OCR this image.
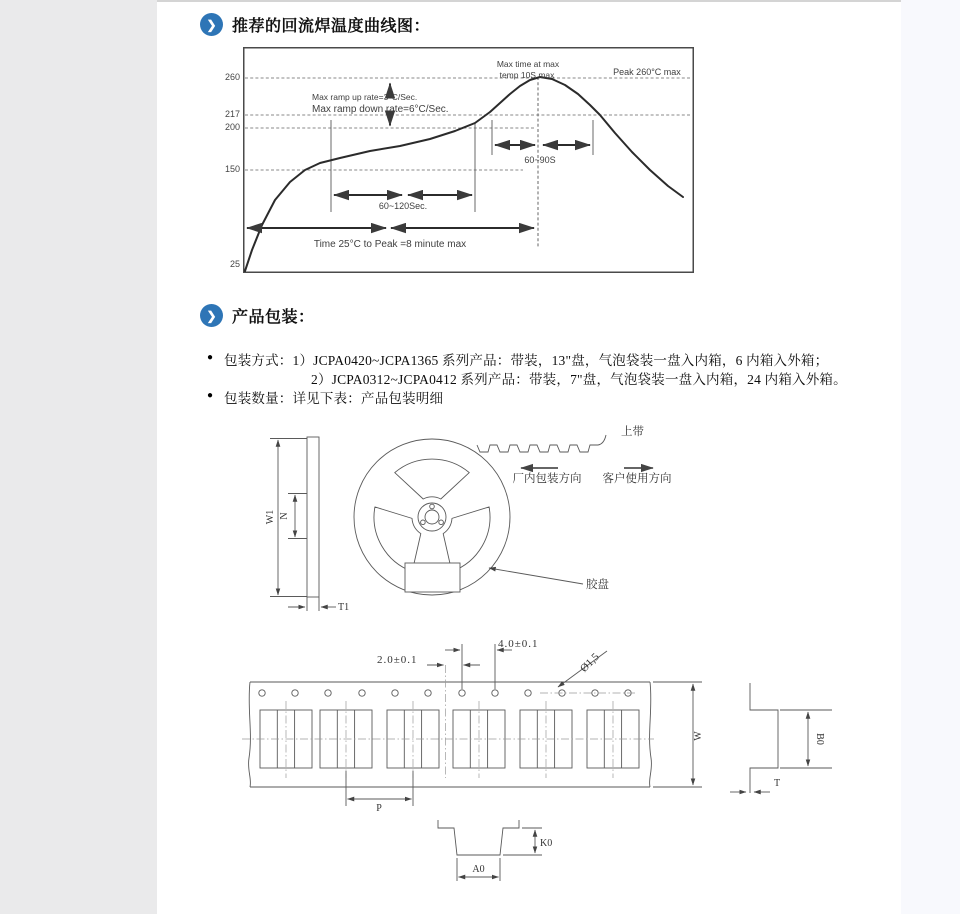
❯ 推荐的回流焊温度曲线图：
260
217
200
150
25
Max time at max
temp 10S max	Peak 260°C max
Max ramp up rate=3°C/Sec.
Max ramp down rate=6°C/Sec.
60~90S
60~120Sec.
Time 25°C to Peak =8 minute max
❯ 产品包装：
● 包装方式：1）JCPA0420~JCPA1365 系列产品：带装，13"盘，气泡袋装一盘入内箱，6 内箱入外箱；
2）JCPA0312~JCPA0412 系列产品：带装，7"盘，气泡袋装一盘入内箱，24 内箱入外箱。
● 包装数量：详见下表：产品包装明细
W1 N
T1
胶盘
上带
厂内包装方向 客户使用方向
4.0±0.1
2.0±0.1	Ø1,5
W
P
B0
T
K0
A0
